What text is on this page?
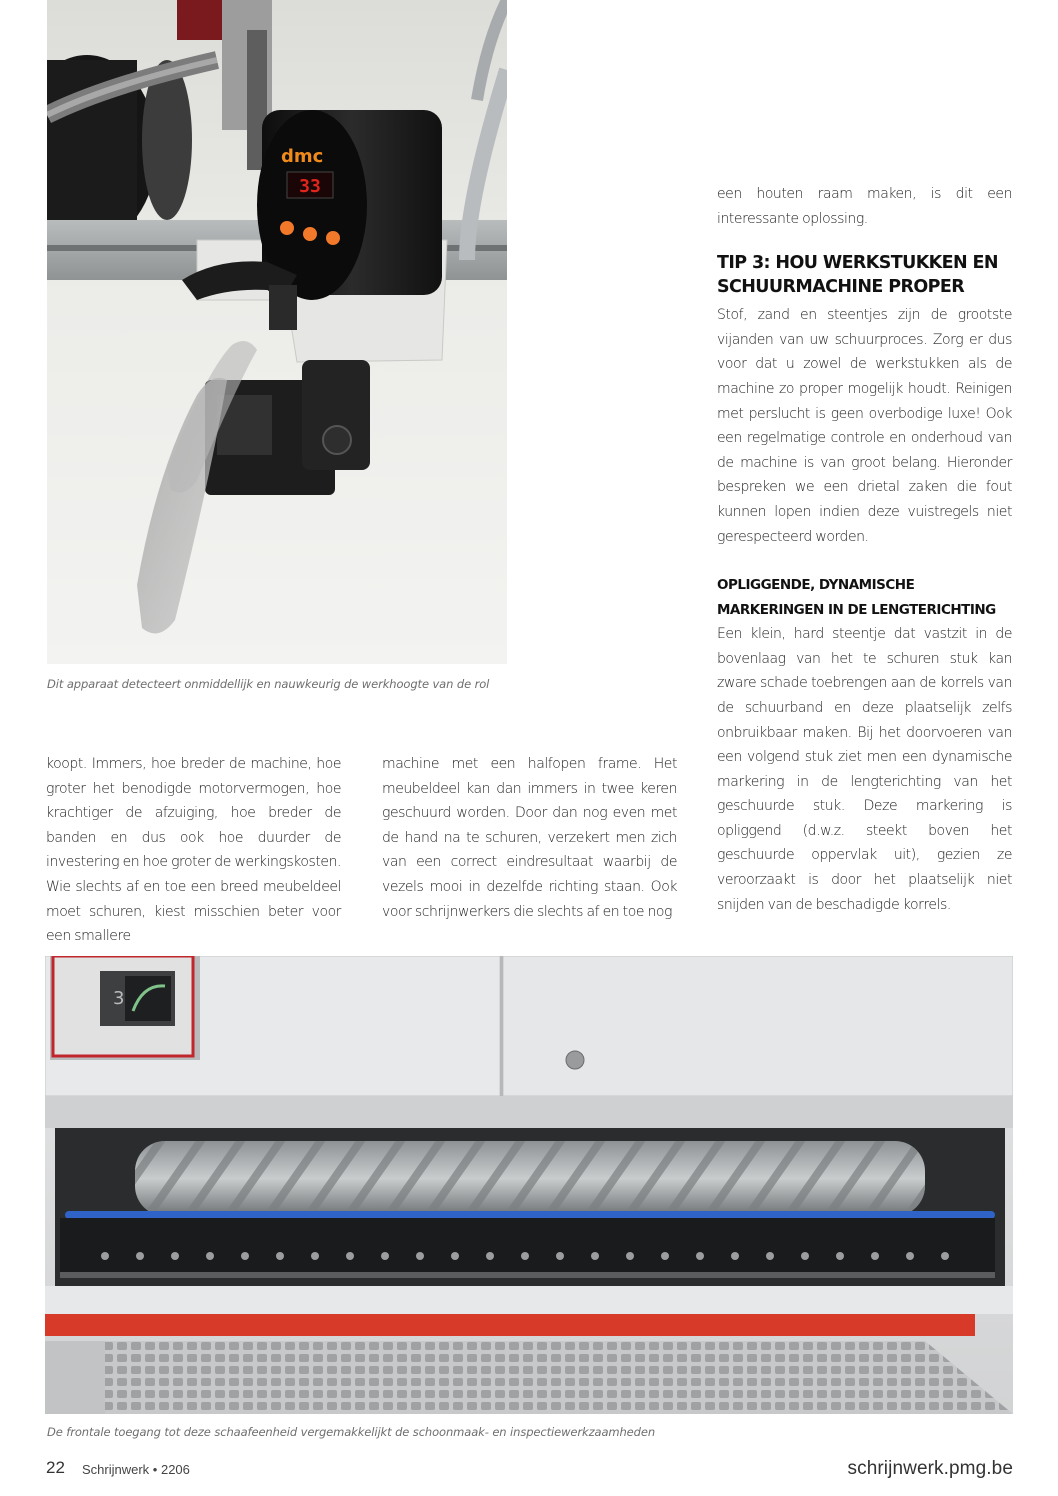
33
dmc
Dit apparaat detecteert onmiddellijk en nauwkeurig de werkhoogte van de rol

koopt. Immers, hoe breder de machine, hoe groter het benodigde motorvermogen, hoe krachtiger de afzuiging, hoe breder de banden en dus ook hoe duurder de investering en hoe groter de werkingskosten. Wie slechts af en toe een breed meubeldeel moet schuren, kiest misschien beter voor een smallere

machine met een halfopen frame. Het meubeldeel kan dan immers in twee keren geschuurd worden. Door dan nog even met de hand na te schuren, verzekert men zich van een correct eindresultaat waarbij de vezels mooi in dezelfde richting staan. Ook voor schrijnwerkers die slechts af en toe nog

een houten raam maken, is dit een interessante oplossing.
TIP 3: HOU WERKSTUKKEN EN SCHUURMACHINE PROPER
Stof, zand en steentjes zijn de grootste vijanden van uw schuurproces. Zorg er dus voor dat u zowel de werkstukken als de machine zo proper mogelijk houdt. Reinigen met perslucht is geen overbodige luxe! Ook een regelmatige controle en onderhoud van de machine is van groot belang. Hieronder bespreken we een drietal zaken die fout kunnen lopen indien deze vuistregels niet gerespecteerd worden.
OPLIGGENDE, DYNAMISCHE MARKERINGEN IN DE LENGTERICHTING
Een klein, hard steentje dat vastzit in de bovenlaag van het te schuren stuk kan zware schade toebrengen aan de korrels van de schuurband en deze plaatselijk zelfs onbruikbaar maken. Bij het doorvoeren van een volgend stuk ziet men een dynamische markering in de lengterichting van het geschuurde stuk. Deze markering is opliggend (d.w.z. steekt boven het geschuurde oppervlak uit), gezien ze veroorzaakt is door het plaatselijk niet snijden van de beschadigde korrels.
3
De frontale toegang tot deze schaafeenheid vergemakkelijkt de schoonmaak- en inspectiewerkzaamheden
22 Schrijnwerk • 2206	schrijnwerk.pmg.be
